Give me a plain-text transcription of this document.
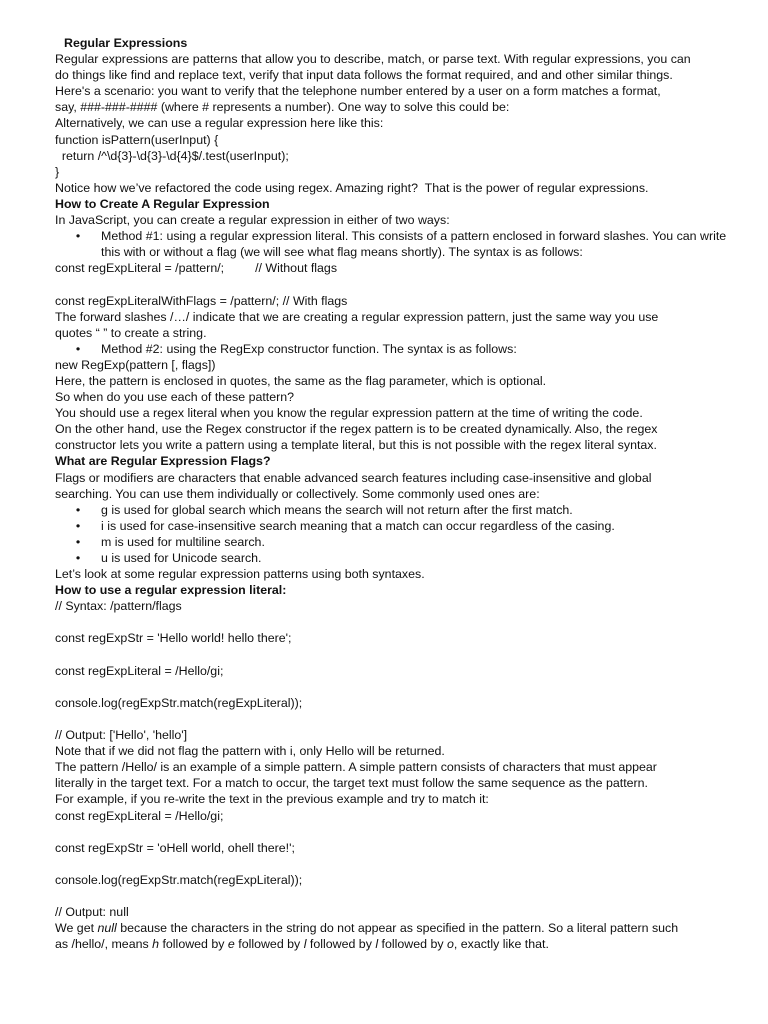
Regular Expressions
Regular expressions are patterns that allow you to describe, match, or parse text. With regular expressions, you can
do things like find and replace text, verify that input data follows the format required, and and other similar things.
Here's a scenario: you want to verify that the telephone number entered by a user on a form matches a format,
say, ###-###-#### (where # represents a number). One way to solve this could be:
Alternatively, we can use a regular expression here like this:
function isPattern(userInput) {
return /^\d{3}-\d{3}-\d{4}$/.test(userInput);
}
Notice how we’ve refactored the code using regex. Amazing right?  That is the power of regular expressions.
How to Create A Regular Expression
In JavaScript, you can create a regular expression in either of two ways:
•	Method #1: using a regular expression literal. This consists of a pattern enclosed in forward slashes. You can write this with or without a flag (we will see what flag means shortly). The syntax is as follows:
const regExpLiteral = /pattern/;         // Without flags
const regExpLiteralWithFlags = /pattern/; // With flags
The forward slashes /…/ indicate that we are creating a regular expression pattern, just the same way you use
quotes “ ” to create a string.
•	Method #2: using the RegExp constructor function. The syntax is as follows:
new RegExp(pattern [, flags])
Here, the pattern is enclosed in quotes, the same as the flag parameter, which is optional.
So when do you use each of these pattern?
You should use a regex literal when you know the regular expression pattern at the time of writing the code.
On the other hand, use the Regex constructor if the regex pattern is to be created dynamically. Also, the regex
constructor lets you write a pattern using a template literal, but this is not possible with the regex literal syntax.
What are Regular Expression Flags?
Flags or modifiers are characters that enable advanced search features including case-insensitive and global
searching. You can use them individually or collectively. Some commonly used ones are:
•	g is used for global search which means the search will not return after the first match.
•	i is used for case-insensitive search meaning that a match can occur regardless of the casing.
•	m is used for multiline search.
•	u is used for Unicode search.
Let’s look at some regular expression patterns using both syntaxes.
How to use a regular expression literal:
// Syntax: /pattern/flags
const regExpStr = 'Hello world! hello there';
const regExpLiteral = /Hello/gi;
console.log(regExpStr.match(regExpLiteral));
// Output: ['Hello', 'hello']
Note that if we did not flag the pattern with i, only Hello will be returned.
The pattern /Hello/ is an example of a simple pattern. A simple pattern consists of characters that must appear
literally in the target text. For a match to occur, the target text must follow the same sequence as the pattern.
For example, if you re-write the text in the previous example and try to match it:
const regExpLiteral = /Hello/gi;
const regExpStr = 'oHell world, ohell there!';
console.log(regExpStr.match(regExpLiteral));
// Output: null
We get null because the characters in the string do not appear as specified in the pattern. So a literal pattern such
as /hello/, means h followed by e followed by l followed by l followed by o, exactly like that.
